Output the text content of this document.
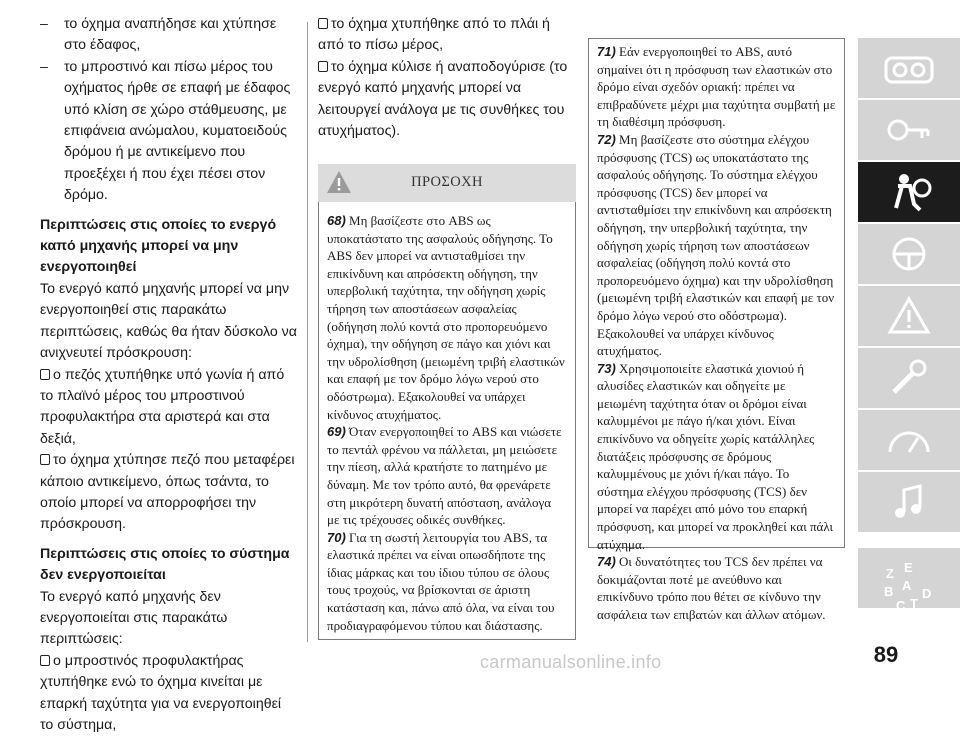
–	το όχημα αναπήδησε και χτύπησε στο έδαφος,
–	το μπροστινό και πίσω μέρος του οχήματος ήρθε σε επαφή με έδαφος υπό κλίση σε χώρο στάθμευσης, με επιφάνεια ανώμαλου, κυματοειδούς δρόμου ή με αντικείμενο που προεξέχει ή που έχει πέσει στον δρόμο.
Περιπτώσεις στις οποίες το ενεργό καπό μηχανής μπορεί να μην ενεργοποιηθεί
Το ενεργό καπό μηχανής μπορεί να μην ενεργοποιηθεί στις παρακάτω περιπτώσεις, καθώς θα ήταν δύσκολο να ανιχνευτεί πρόσκρουση:
ο πεζός χτυπήθηκε υπό γωνία ή από το πλαϊνό μέρος του μπροστινού προφυλακτήρα στα αριστερά και στα δεξιά,
το όχημα χτύπησε πεζό που μεταφέρει κάποιο αντικείμενο, όπως τσάντα, το οποίο μπορεί να απορροφήσει την πρόσκρουση.
Περιπτώσεις στις οποίες το σύστημα δεν ενεργοποιείται
Το ενεργό καπό μηχανής δεν ενεργοποιείται στις παρακάτω περιπτώσεις:
ο μπροστινός προφυλακτήρας χτυπήθηκε ενώ το όχημα κινείται με επαρκή ταχύτητα για να ενεργοποιηθεί το σύστημα,
το όχημα χτυπήθηκε από το πλάι ή από το πίσω μέρος,
το όχημα κύλισε ή αναποδογύρισε (το ενεργό καπό μηχανής μπορεί να λειτουργεί ανάλογα με τις συνθήκες του ατυχήματος).
ΠΡΟΣΟΧΗ
68) Μη βασίζεστε στο ABS ως υποκατάστατο της ασφαλούς οδήγησης. Το ABS δεν μπορεί να αντισταθμίσει την επικίνδυνη και απρόσεκτη οδήγηση, την υπερβολική ταχύτητα, την οδήγηση χωρίς τήρηση των αποστάσεων ασφαλείας (οδήγηση πολύ κοντά στο προπορευόμενο όχημα), την οδήγηση σε πάγο και χιόνι και την υδρολίσθηση (μειωμένη τριβή ελαστικών και επαφή με τον δρόμο λόγω νερού στο οδόστρωμα). Εξακολουθεί να υπάρχει κίνδυνος ατυχήματος.
69) Όταν ενεργοποιηθεί το ABS και νιώσετε το πεντάλ φρένου να πάλλεται, μη μειώσετε την πίεση, αλλά κρατήστε το πατημένο με δύναμη. Με τον τρόπο αυτό, θα φρενάρετε στη μικρότερη δυνατή απόσταση, ανάλογα με τις τρέχουσες οδικές συνθήκες.
70) Για τη σωστή λειτουργία του ABS, τα ελαστικά πρέπει να είναι οπωσδήποτε της ίδιας μάρκας και του ίδιου τύπου σε όλους τους τροχούς, να βρίσκονται σε άριστη κατάσταση και, πάνω από όλα, να είναι του προδιαγραφόμενου τύπου και διάστασης.
71) Εάν ενεργοποιηθεί το ABS, αυτό σημαίνει ότι η πρόσφυση των ελαστικών στο δρόμο είναι σχεδόν οριακή: πρέπει να επιβραδύνετε μέχρι μια ταχύτητα συμβατή με τη διαθέσιμη πρόσφυση.
72) Μη βασίζεστε στο σύστημα ελέγχου πρόσφυσης (TCS) ως υποκατάστατο της ασφαλούς οδήγησης. Το σύστημα ελέγχου πρόσφυσης (TCS) δεν μπορεί να αντισταθμίσει την επικίνδυνη και απρόσεκτη οδήγηση, την υπερβολική ταχύτητα, την οδήγηση χωρίς τήρηση των αποστάσεων ασφαλείας (οδήγηση πολύ κοντά στο προπορευόμενο όχημα) και την υδρολίσθηση (μειωμένη τριβή ελαστικών και επαφή με τον δρόμο λόγω νερού στο οδόστρωμα). Εξακολουθεί να υπάρχει κίνδυνος ατυχήματος.
73) Χρησιμοποιείτε ελαστικά χιονιού ή αλυσίδες ελαστικών και οδηγείτε με μειωμένη ταχύτητα όταν οι δρόμοι είναι καλυμμένοι με πάγο ή/και χιόνι. Είναι επικίνδυνο να οδηγείτε χωρίς κατάλληλες διατάξεις πρόσφυσης σε δρόμους καλυμμένους με χιόνι ή/και πάγο. Το σύστημα ελέγχου πρόσφυσης (TCS) δεν μπορεί να παρέχει από μόνο του επαρκή πρόσφυση, και μπορεί να προκληθεί και πάλι ατύχημα.
74) Οι δυνατότητες του TCS δεν πρέπει να δοκιμάζονται ποτέ με ανεύθυνο και επικίνδυνο τρόπο που θέτει σε κίνδυνο την ασφάλεια των επιβατών και άλλων ατόμων.
Z E
B A
C T
D
89
carmanualsonline.info
